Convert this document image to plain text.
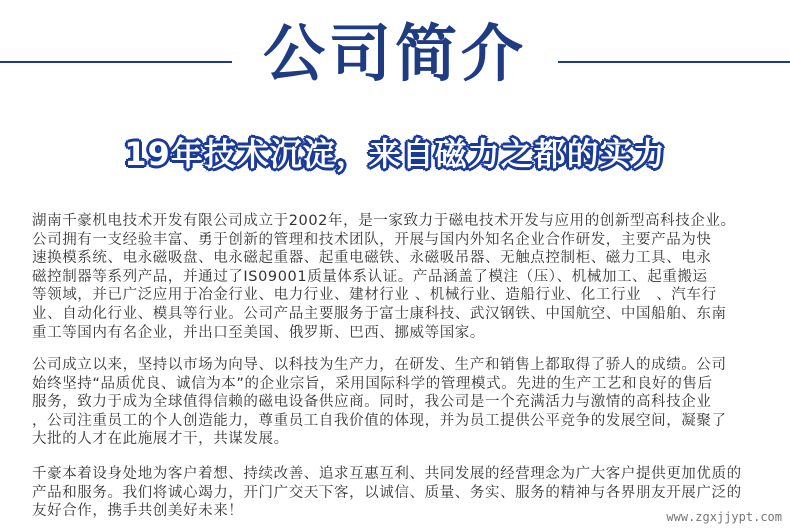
公司简介
19年技术沉淀，来自磁力之都的实力
湖南千豪机电技术开发有限公司成立于2002年，是一家致力于磁电技术开发与应用的创新型高科技企业。
公司拥有一支经验丰富、勇于创新的管理和技术团队，开展与国内外知名企业合作研发，主要产品为快
速换模系统、电永磁吸盘、电永磁起重器、起重电磁铁、永磁吸吊器、无触点控制柜、磁力工具、电永
磁控制器等系列产品，并通过了IS09001质量体系认证。产品涵盖了模注（压）、机械加工、起重搬运
等领域，并已广泛应用于冶金行业、电力行业、建材行业 、机械行业、造船行业、化工行业　、汽车行
业、自动化行业、模具等行业。公司产品主要服务于富士康科技、武汉钢铁、中国航空、中国船舶、东南
重工等国内有名企业，并出口至美国、俄罗斯、巴西、挪威等国家。
公司成立以来，坚持以市场为向导、以科技为生产力，在研发、生产和销售上都取得了骄人的成绩。公司
始终坚持“品质优良、诚信为本”的企业宗旨，采用国际科学的管理模式。先进的生产工艺和良好的售后
服务，致力于成为全球值得信赖的磁电设备供应商。同时，我公司是一个充满活力与激情的高科技企业
，公司注重员工的个人创造能力，尊重员工自我价值的体现，并为员工提供公平竞争的发展空间，凝聚了
大批的人才在此施展才干，共谋发展。
千豪本着设身处地为客户着想、持续改善、追求互惠互利、共同发展的经营理念为广大客户提供更加优质的
产品和服务。我们将诚心竭力，开门广交天下客，以诚信、质量、务实、服务的精神与各界朋友开展广泛的
友好合作，携手共创美好未来！	www.zgxjjypt.com
